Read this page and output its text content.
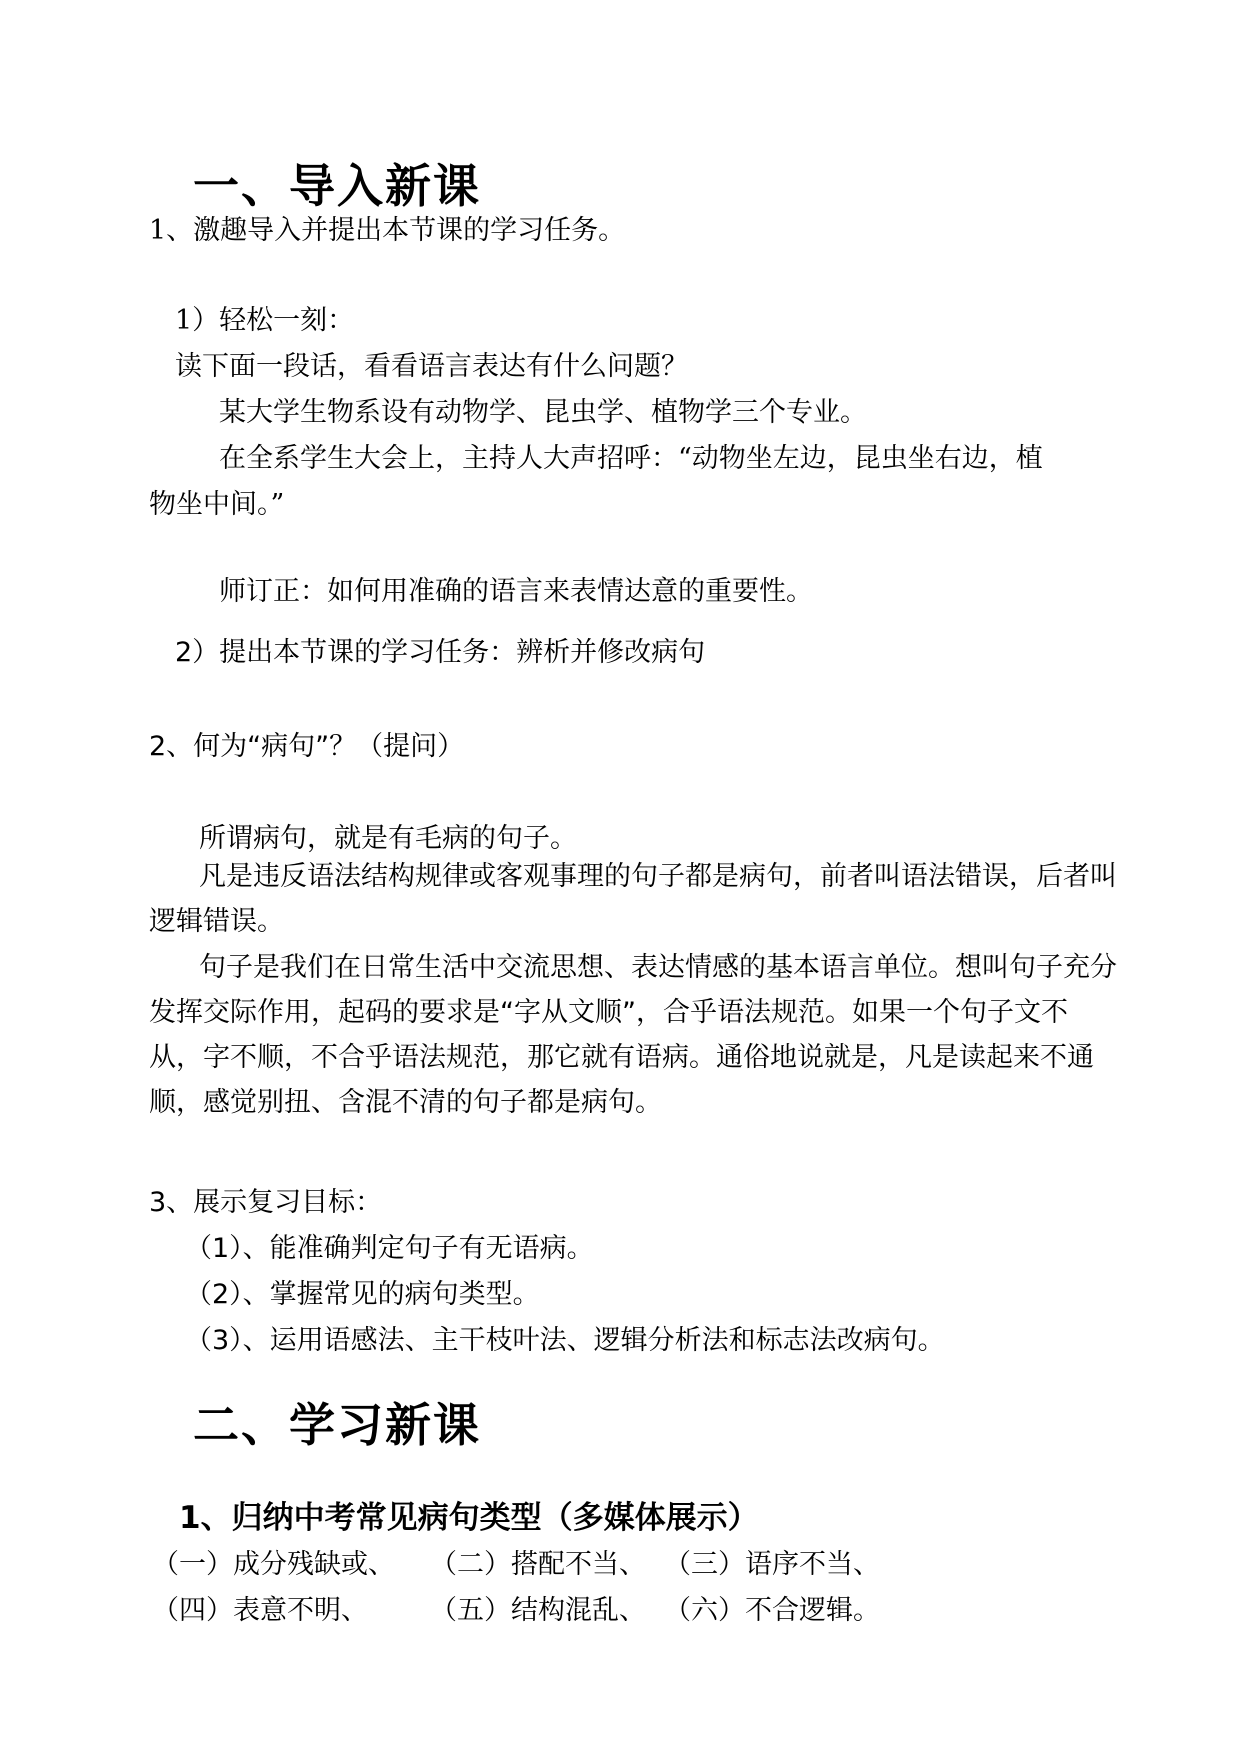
一、导入新课
1、激趣导入并提出本节课的学习任务。
1）轻松一刻：
读下面一段话，看看语言表达有什么问题？
某大学生物系设有动物学、昆虫学、植物学三个专业。
在全系学生大会上，主持人大声招呼：“动物坐左边，昆虫坐右边，植
物坐中间。”
师订正：如何用准确的语言来表情达意的重要性。
2）提出本节课的学习任务：辨析并修改病句
2、何为“病句”？（提问）
所谓病句，就是有毛病的句子。
凡是违反语法结构规律或客观事理的句子都是病句，前者叫语法错误，后者叫逻辑错误。
句子是我们在日常生活中交流思想、表达情感的基本语言单位。想叫句子充分发挥交际作用，起码的要求是“字从文顺”，合乎语法规范。如果一个句子文不从，字不顺，不合乎语法规范，那它就有语病。通俗地说就是，凡是读起来不通顺，感觉别扭、含混不清的句子都是病句。
3、展示复习目标：
（1）、能准确判定句子有无语病。
（2）、掌握常见的病句类型。
（3）、运用语感法、主干枝叶法、逻辑分析法和标志法改病句。
二、学习新课
1、归纳中考常见病句类型（多媒体展示）
（一）成分残缺或、 （二）搭配不当、 （三）语序不当、
（四）表意不明、 （五）结构混乱、 （六）不合逻辑。
